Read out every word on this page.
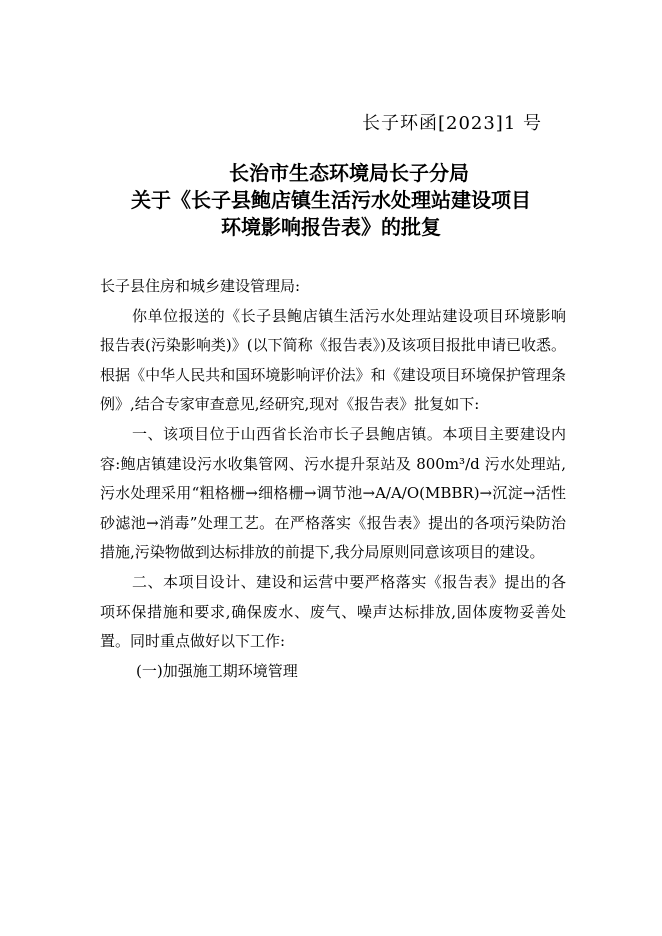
长子环函[2023]1 号
长治市生态环境局长子分局
关于《长子县鲍店镇生活污水处理站建设项目
环境影响报告表》的批复

长子县住房和城乡建设管理局:

你单位报送的《长子县鲍店镇生活污水处理站建设项目环境影响报告表(污染影响类)》(以下简称《报告表》)及该项目报批申请已收悉。根据《中华人民共和国环境影响评价法》和《建设项目环境保护管理条例》,结合专家审查意见,经研究,现对《报告表》批复如下:

一、该项目位于山西省长治市长子县鲍店镇。本项目主要建设内容:鲍店镇建设污水收集管网、污水提升泵站及 800m³/d 污水处理站,污水处理采用“粗格栅→细格栅→调节池→A/A/O(MBBR)→沉淀→活性砂滤池→消毒”处理工艺。在严格落实《报告表》提出的各项污染防治措施,污染物做到达标排放的前提下,我分局原则同意该项目的建设。

二、本项目设计、建设和运营中要严格落实《报告表》提出的各项环保措施和要求,确保废水、废气、噪声达标排放,固体废物妥善处置。同时重点做好以下工作:

(一)加强施工期环境管理
